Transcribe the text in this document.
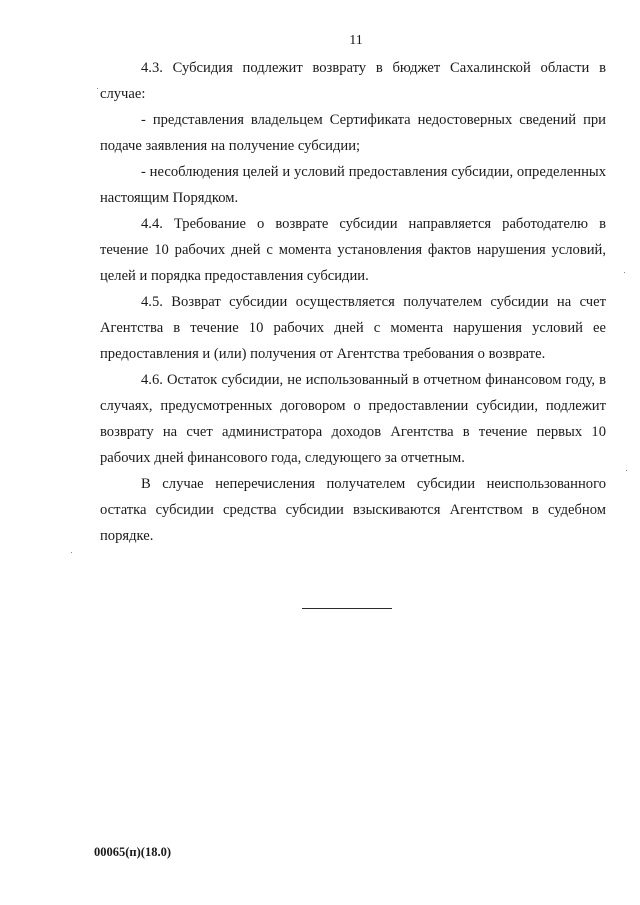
11

4.3. Субсидия подлежит возврату в бюджет Сахалинской области в случае:

- представления владельцем Сертификата недостоверных сведений при подаче заявления на получение субсидии;

- несоблюдения целей и условий предоставления субсидии, определенных настоящим Порядком.

4.4. Требование о возврате субсидии направляется работодателю в течение 10 рабочих дней с момента установления фактов нарушения условий, целей и порядка предоставления субсидии.

4.5. Возврат субсидии осуществляется получателем субсидии на счет Агентства в течение 10 рабочих дней с момента нарушения условий ее предоставления и (или) получения от Агентства требования о возврате.

4.6. Остаток субсидии, не использованный в отчетном финансовом году, в случаях, предусмотренных договором о предоставлении субсидии, подлежит возврату на счет администратора доходов Агентства в течение первых 10 рабочих дней финансового года, следующего за отчетным.

В случае неперечисления получателем субсидии неиспользованного остатка субсидии средства субсидии взыскиваются Агентством в судебном порядке.

00065(п)(18.0)
